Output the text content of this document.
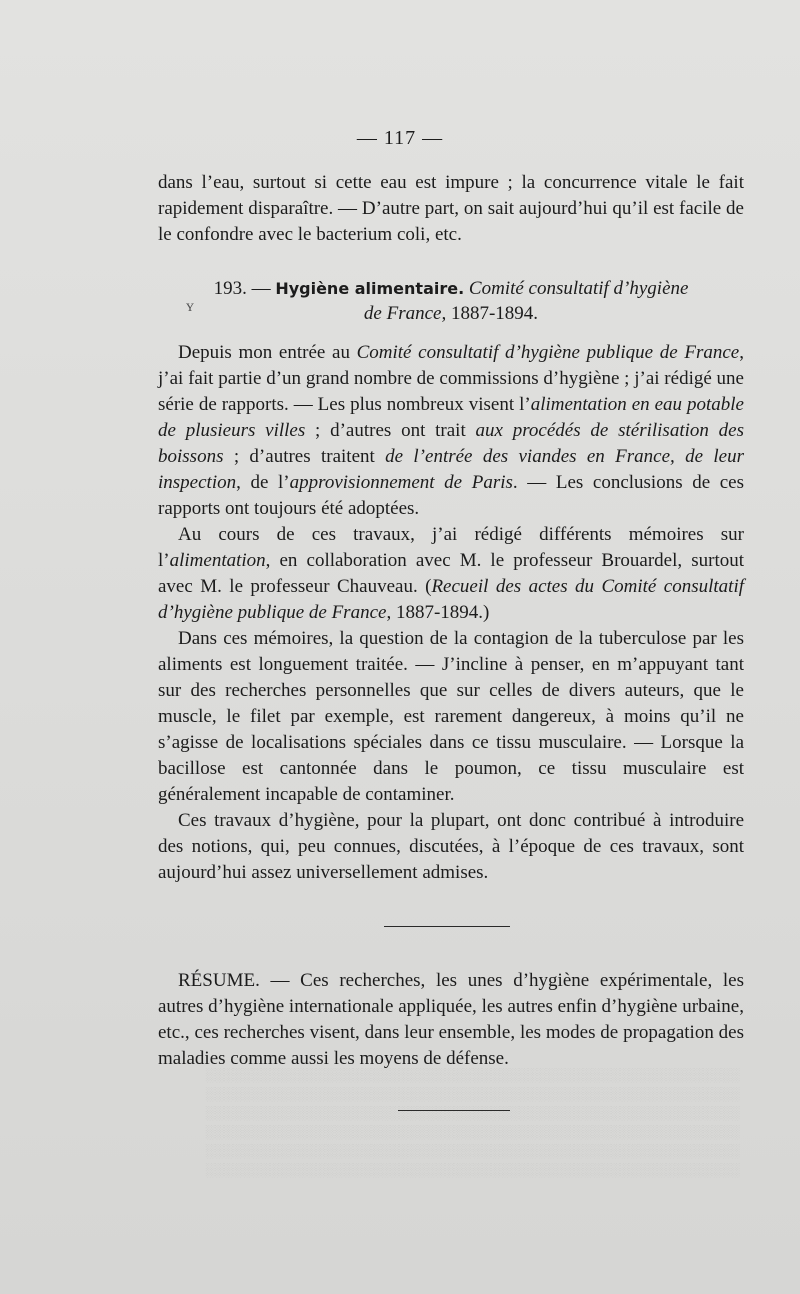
░░░░░░░░░░░░░░░░░░░░░░░░░░░░░░░░░░░░░░░░░░░░░░░░░░░░░░░░░░
░░░░░░░░░░░░░░░░░░░░░░░░░░░░░░░░░░░░░░░░░░░░░░░░░░░░░░░░░░
░░░░░░░░░░░░░░░░░░░░░░░░░░░░░░░░░░░░░░░░░░░░░░░░░░░░░░░░░░
░░░░░░░░░░░░░░░░░░░░░░░░░░░░░░░░░░░░░░░░░░░░░░░░░░░░░░░░░░
░░░░░░░░░░░░░░░░░░░░░░░░░░░░░░░░░░░░░░░░░░░░░░░░░░░░░░░░░░
░░░░░░░░░░░░░░░░░░░░░░░░░░░░░░░░░░░░░░░░░░░░░░░░░░░░░░░░░░
— 117 —

dans l’eau, surtout si cette eau est impure ; la concurrence vitale le fait rapidement disparaître. — D’autre part, on sait aujourd’hui qu’il est facile de le confondre avec le bacterium coli, etc.

193. — Hygiène alimentaire. Comité consultatif d’hygiène
de France, 1887-1894.
ʏ

Depuis mon entrée au Comité consultatif d’hygiène publique de France, j’ai fait partie d’un grand nombre de commissions d’hygiène ; j’ai rédigé une série de rapports. — Les plus nombreux visent l’alimentation en eau potable de plusieurs villes ; d’autres ont trait aux procédés de stérilisation des boissons ; d’autres traitent de l’entrée des viandes en France, de leur inspection, de l’approvisionnement de Paris. — Les conclusions de ces rapports ont toujours été adoptées.

Au cours de ces travaux, j’ai rédigé différents mémoires sur l’alimentation, en collaboration avec M. le professeur Brouardel, surtout avec M. le professeur Chauveau. (Recueil des actes du Comité consultatif d’hygiène publique de France, 1887-1894.)

Dans ces mémoires, la question de la contagion de la tuberculose par les aliments est longuement traitée. — J’incline à penser, en m’appuyant tant sur des recherches personnelles que sur celles de divers auteurs, que le muscle, le filet par exemple, est rarement dangereux, à moins qu’il ne s’agisse de localisations spéciales dans ce tissu musculaire. — Lorsque la bacillose est cantonnée dans le poumon, ce tissu musculaire est généralement incapable de contaminer.

Ces travaux d’hygiène, pour la plupart, ont donc contribué à introduire des notions, qui, peu connues, discutées, à l’époque de ces travaux, sont aujourd’hui assez universellement admises.

RÉSUME. — Ces recherches, les unes d’hygiène expérimentale, les autres d’hygiène internationale appliquée, les autres enfin d’hygiène urbaine, etc., ces recherches visent, dans leur ensemble, les modes de propagation des maladies comme aussi les moyens de défense.
